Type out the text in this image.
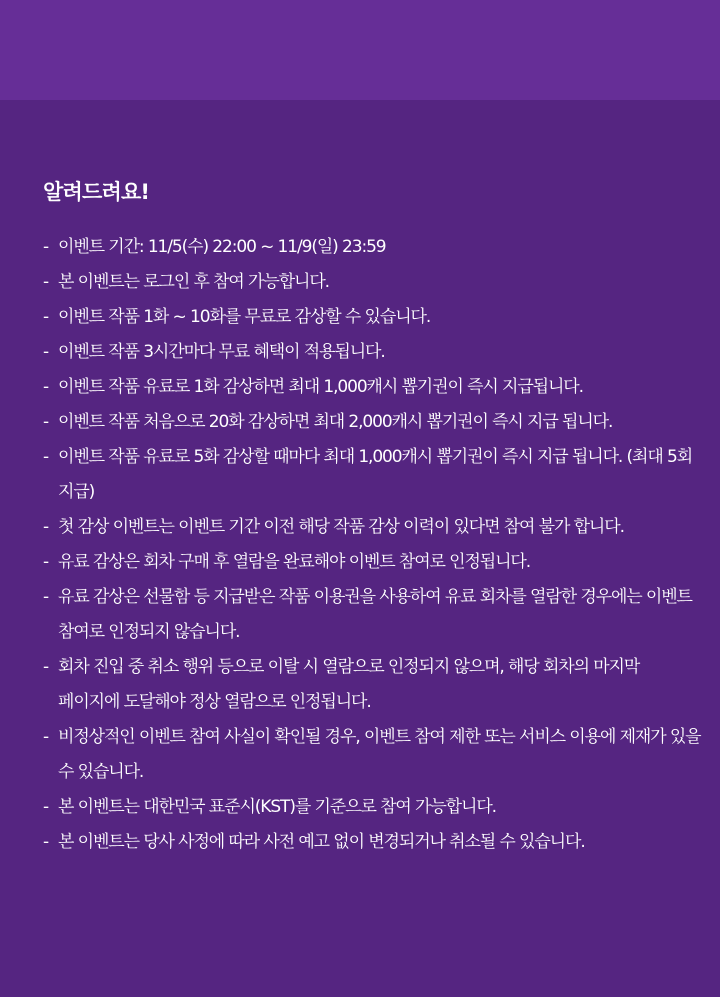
알려드려요!
- 이벤트 기간: 11/5(수) 22:00 ~ 11/9(일) 23:59
- 본 이벤트는 로그인 후 참여 가능합니다.
- 이벤트 작품 1화 ~ 10화를 무료로 감상할 수 있습니다.
- 이벤트 작품 3시간마다 무료 혜택이 적용됩니다.
- 이벤트 작품 유료로 1화 감상하면 최대 1,000캐시 뽑기권이 즉시 지급됩니다.
- 이벤트 작품 처음으로 20화 감상하면 최대 2,000캐시 뽑기권이 즉시 지급 됩니다.
- 이벤트 작품 유료로 5화 감상할 때마다 최대 1,000캐시 뽑기권이 즉시 지급 됩니다. (최대 5회 지급)
- 첫 감상 이벤트는 이벤트 기간 이전 해당 작품 감상 이력이 있다면 참여 불가 합니다.
- 유료 감상은 회차 구매 후 열람을 완료해야 이벤트 참여로 인정됩니다.
- 유료 감상은 선물함 등 지급받은 작품 이용권을 사용하여 유료 회차를 열람한 경우에는 이벤트 참여로 인정되지 않습니다.
- 회차 진입 중 취소 행위 등으로 이탈 시 열람으로 인정되지 않으며, 해당 회차의 마지막 페이지에 도달해야 정상 열람으로 인정됩니다.
- 비정상적인 이벤트 참여 사실이 확인될 경우, 이벤트 참여 제한 또는 서비스 이용에 제재가 있을 수 있습니다.
- 본 이벤트는 대한민국 표준시(KST)를 기준으로 참여 가능합니다.
- 본 이벤트는 당사 사정에 따라 사전 예고 없이 변경되거나 취소될 수 있습니다.
